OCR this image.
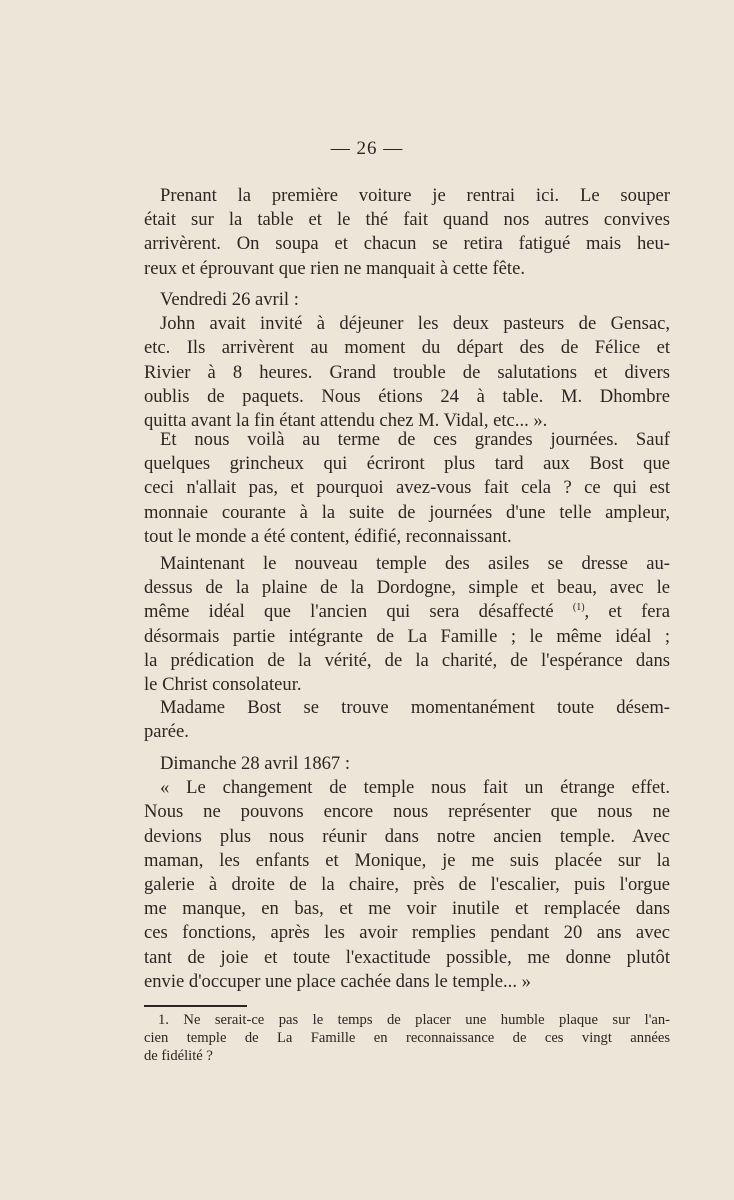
— 26 —
Prenant la première voiture je rentrai ici. Le souper
était sur la table et le thé fait quand nos autres convives
arrivèrent. On soupa et chacun se retira fatigué mais heu-
reux et éprouvant que rien ne manquait à cette fête.
Vendredi 26 avril :
John avait invité à déjeuner les deux pasteurs de Gensac,
etc. Ils arrivèrent au moment du départ des de Félice et
Rivier à 8 heures. Grand trouble de salutations et divers
oublis de paquets. Nous étions 24 à table. M. Dhombre
quitta avant la fin étant attendu chez M. Vidal, etc... ».
Et nous voilà au terme de ces grandes journées. Sauf
quelques grincheux qui écriront plus tard aux Bost que
ceci n'allait pas, et pourquoi avez-vous fait cela ? ce qui est
monnaie courante à la suite de journées d'une telle ampleur,
tout le monde a été content, édifié, reconnaissant.
Maintenant le nouveau temple des asiles se dresse au-
dessus de la plaine de la Dordogne, simple et beau, avec le
même idéal que l'ancien qui sera désaffecté $^{(1)}$, et fera
désormais partie intégrante de La Famille ; le même idéal ;
la prédication de la vérité, de la charité, de l'espérance dans
le Christ consolateur.
Madame Bost se trouve momentanément toute désem-
parée.
Dimanche 28 avril 1867 :
« Le changement de temple nous fait un étrange effet.
Nous ne pouvons encore nous représenter que nous ne
devions plus nous réunir dans notre ancien temple. Avec
maman, les enfants et Monique, je me suis placée sur la
galerie à droite de la chaire, près de l'escalier, puis l'orgue
me manque, en bas, et me voir inutile et remplacée dans
ces fonctions, après les avoir remplies pendant 20 ans avec
tant de joie et toute l'exactitude possible, me donne plutôt
envie d'occuper une place cachée dans le temple... »
1. Ne serait-ce pas le temps de placer une humble plaque sur l'an-
cien temple de La Famille en reconnaissance de ces vingt années
de fidélité ?
